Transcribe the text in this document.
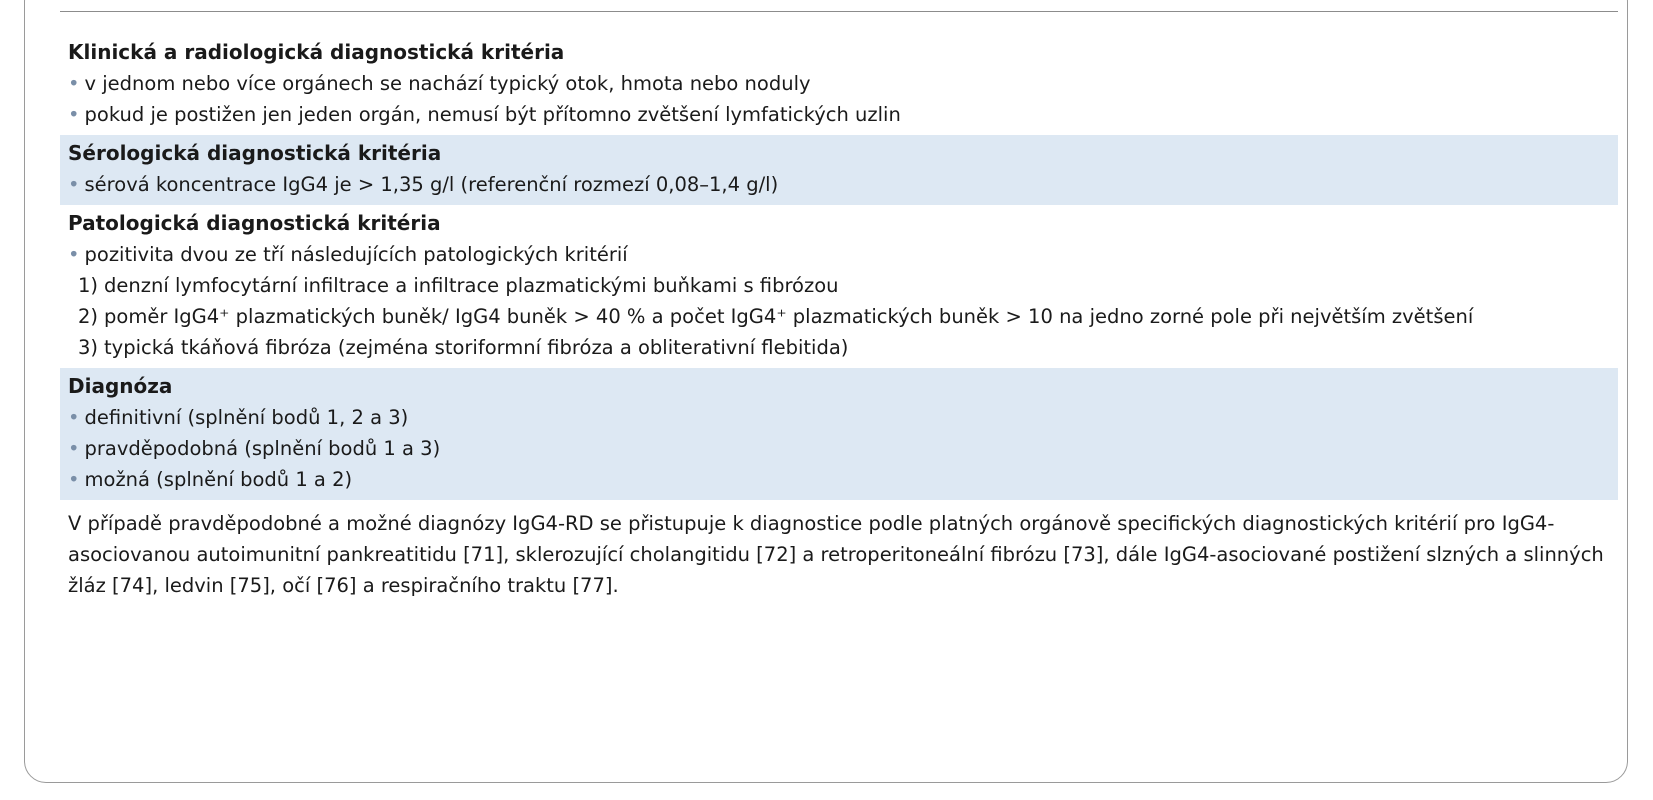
Klinická a radiologická diagnostická kritéria
• v jednom nebo více orgánech se nachází typický otok, hmota nebo noduly
• pokud je postižen jen jeden orgán, nemusí být přítomno zvětšení lymfatických uzlin
Sérologická diagnostická kritéria
• sérová koncentrace IgG4 je > 1,35 g/l (referenční rozmezí 0,08–1,4 g/l)
Patologická diagnostická kritéria
• pozitivita dvou ze tří následujících patologických kritérií
1) denzní lymfocytární infiltrace a infiltrace plazmatickými buňkami s fibrózou
2) poměr IgG4⁺ plazmatických buněk/ IgG4 buněk > 40 % a počet IgG4⁺ plazmatických buněk > 10 na jedno zorné pole při největším zvětšení
3) typická tkáňová fibróza (zejména storiformní fibróza a obliterativní flebitida)
Diagnóza
• definitivní (splnění bodů 1, 2 a 3)
• pravděpodobná (splnění bodů 1 a 3)
• možná (splnění bodů 1 a 2)
V případě pravděpodobné a možné diagnózy IgG4-RD se přistupuje k diagnostice podle platných orgánově specifických diagnostických kritérií pro IgG4-asociovanou autoimunitní pankreatitidu [71], sklerozující cholangitidu [72] a retroperitoneální fibrózu [73], dále IgG4-asociované postižení slzných a slinných žláz [74], ledvin [75], očí [76] a respiračního traktu [77].
